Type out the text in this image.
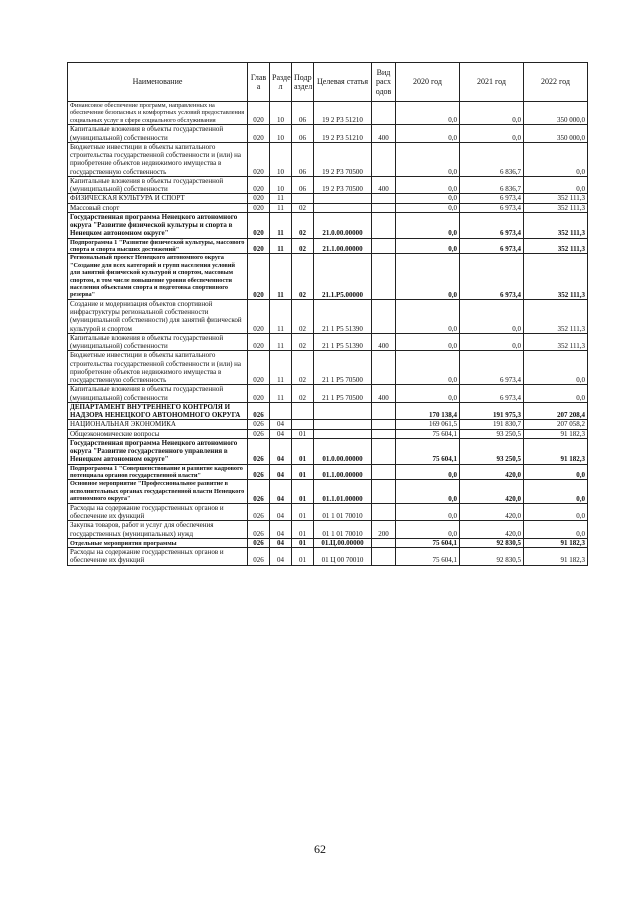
Наименование	Глав а	Разде л	Подр аздел	Целевая статья	Вид расх одов	2020 год	2021 год	2022 год
Финансовое обеспечение программ, направленных на обеспечение безопасных и комфортных условий предоставления социальных услуг в сфере социального обслуживания	020	10	06	19 2 P3 51210		0,0	0,0	350 000,0
Капитальные вложения в объекты государственной (муниципальной) собственности	020	10	06	19 2 P3 51210	400	0,0	0,0	350 000,0
Бюджетные инвестиции в объекты капитального строительства государственной собственности и (или) на приобретение объектов недвижимого имущества в государственную собственность	020	10	06	19 2 P3 70500		0,0	6 836,7	0,0
Капитальные вложения в объекты государственной (муниципальной) собственности	020	10	06	19 2 P3 70500	400	0,0	6 836,7	0,0
ФИЗИЧЕСКАЯ КУЛЬТУРА И СПОРТ	020	11				0,0	6 973,4	352 111,3
Массовый спорт	020	11	02			0,0	6 973,4	352 111,3
Государственная программа Ненецкого автономного округа "Развитие физической культуры и спорта в Ненецком автономном округе"	020	11	02	21.0.00.00000		0,0	6 973,4	352 111,3
Подпрограмма 1 "Развитие физической культуры, массового спорта и спорта высших достижений"	020	11	02	21.1.00.00000		0,0	6 973,4	352 111,3
Региональный проект Ненецкого автономного округа "Создание для всех категорий и групп населения условий для занятий физической культурой и спортом, массовым спортом, в том числе повышение уровня обеспеченности населения объектами спорта и подготовка спортивного резерва"	020	11	02	21.1.P5.00000		0,0	6 973,4	352 111,3
Создание и модернизация объектов спортивной инфраструктуры региональной собственности (муниципальной собственности) для занятий физической культурой и спортом	020	11	02	21 1 P5 51390		0,0	0,0	352 111,3
Капитальные вложения в объекты государственной (муниципальной) собственности	020	11	02	21 1 P5 51390	400	0,0	0,0	352 111,3
Бюджетные инвестиции в объекты капитального строительства государственной собственности и (или) на приобретение объектов недвижимого имущества в государственную собственность	020	11	02	21 1 P5 70500		0,0	6 973,4	0,0
Капитальные вложения в объекты государственной (муниципальной) собственности	020	11	02	21 1 P5 70500	400	0,0	6 973,4	0,0
ДЕПАРТАМЕНТ ВНУТРЕННЕГО КОНТРОЛЯ И НАДЗОРА НЕНЕЦКОГО АВТОНОМНОГО ОКРУГА	026					170 138,4	191 975,3	207 208,4
НАЦИОНАЛЬНАЯ ЭКОНОМИКА	026	04				169 061,5	191 830,7	207 058,2
Общеэкономические вопросы	026	04	01			75 604,1	93 250,5	91 182,3
Государственная программа Ненецкого автономного округа "Развитие государственного управления в Ненецком автономном округе"	026	04	01	01.0.00.00000		75 604,1	93 250,5	91 182,3
Подпрограмма 1 "Совершенствование и развитие кадрового потенциала органов государственной власти"	026	04	01	01.1.00.00000		0,0	420,0	0,0
Основное мероприятие "Профессиональное развитие в исполнительных органах государственной власти Ненецкого автономного округа"	026	04	01	01.1.01.00000		0,0	420,0	0,0
Расходы на содержание государственных органов и обеспечение их функций	026	04	01	01 1 01 70010		0,0	420,0	0,0
Закупка товаров, работ и услуг для обеспечения государственных (муниципальных) нужд	026	04	01	01 1 01 70010	200	0,0	420,0	0,0
Отдельные мероприятия программы	026	04	01	01.Ц.00.00000		75 604,1	92 830,5	91 182,3
Расходы на содержание государственных органов и обеспечение их функций	026	04	01	01 Ц 00 70010		75 604,1	92 830,5	91 182,3
62
